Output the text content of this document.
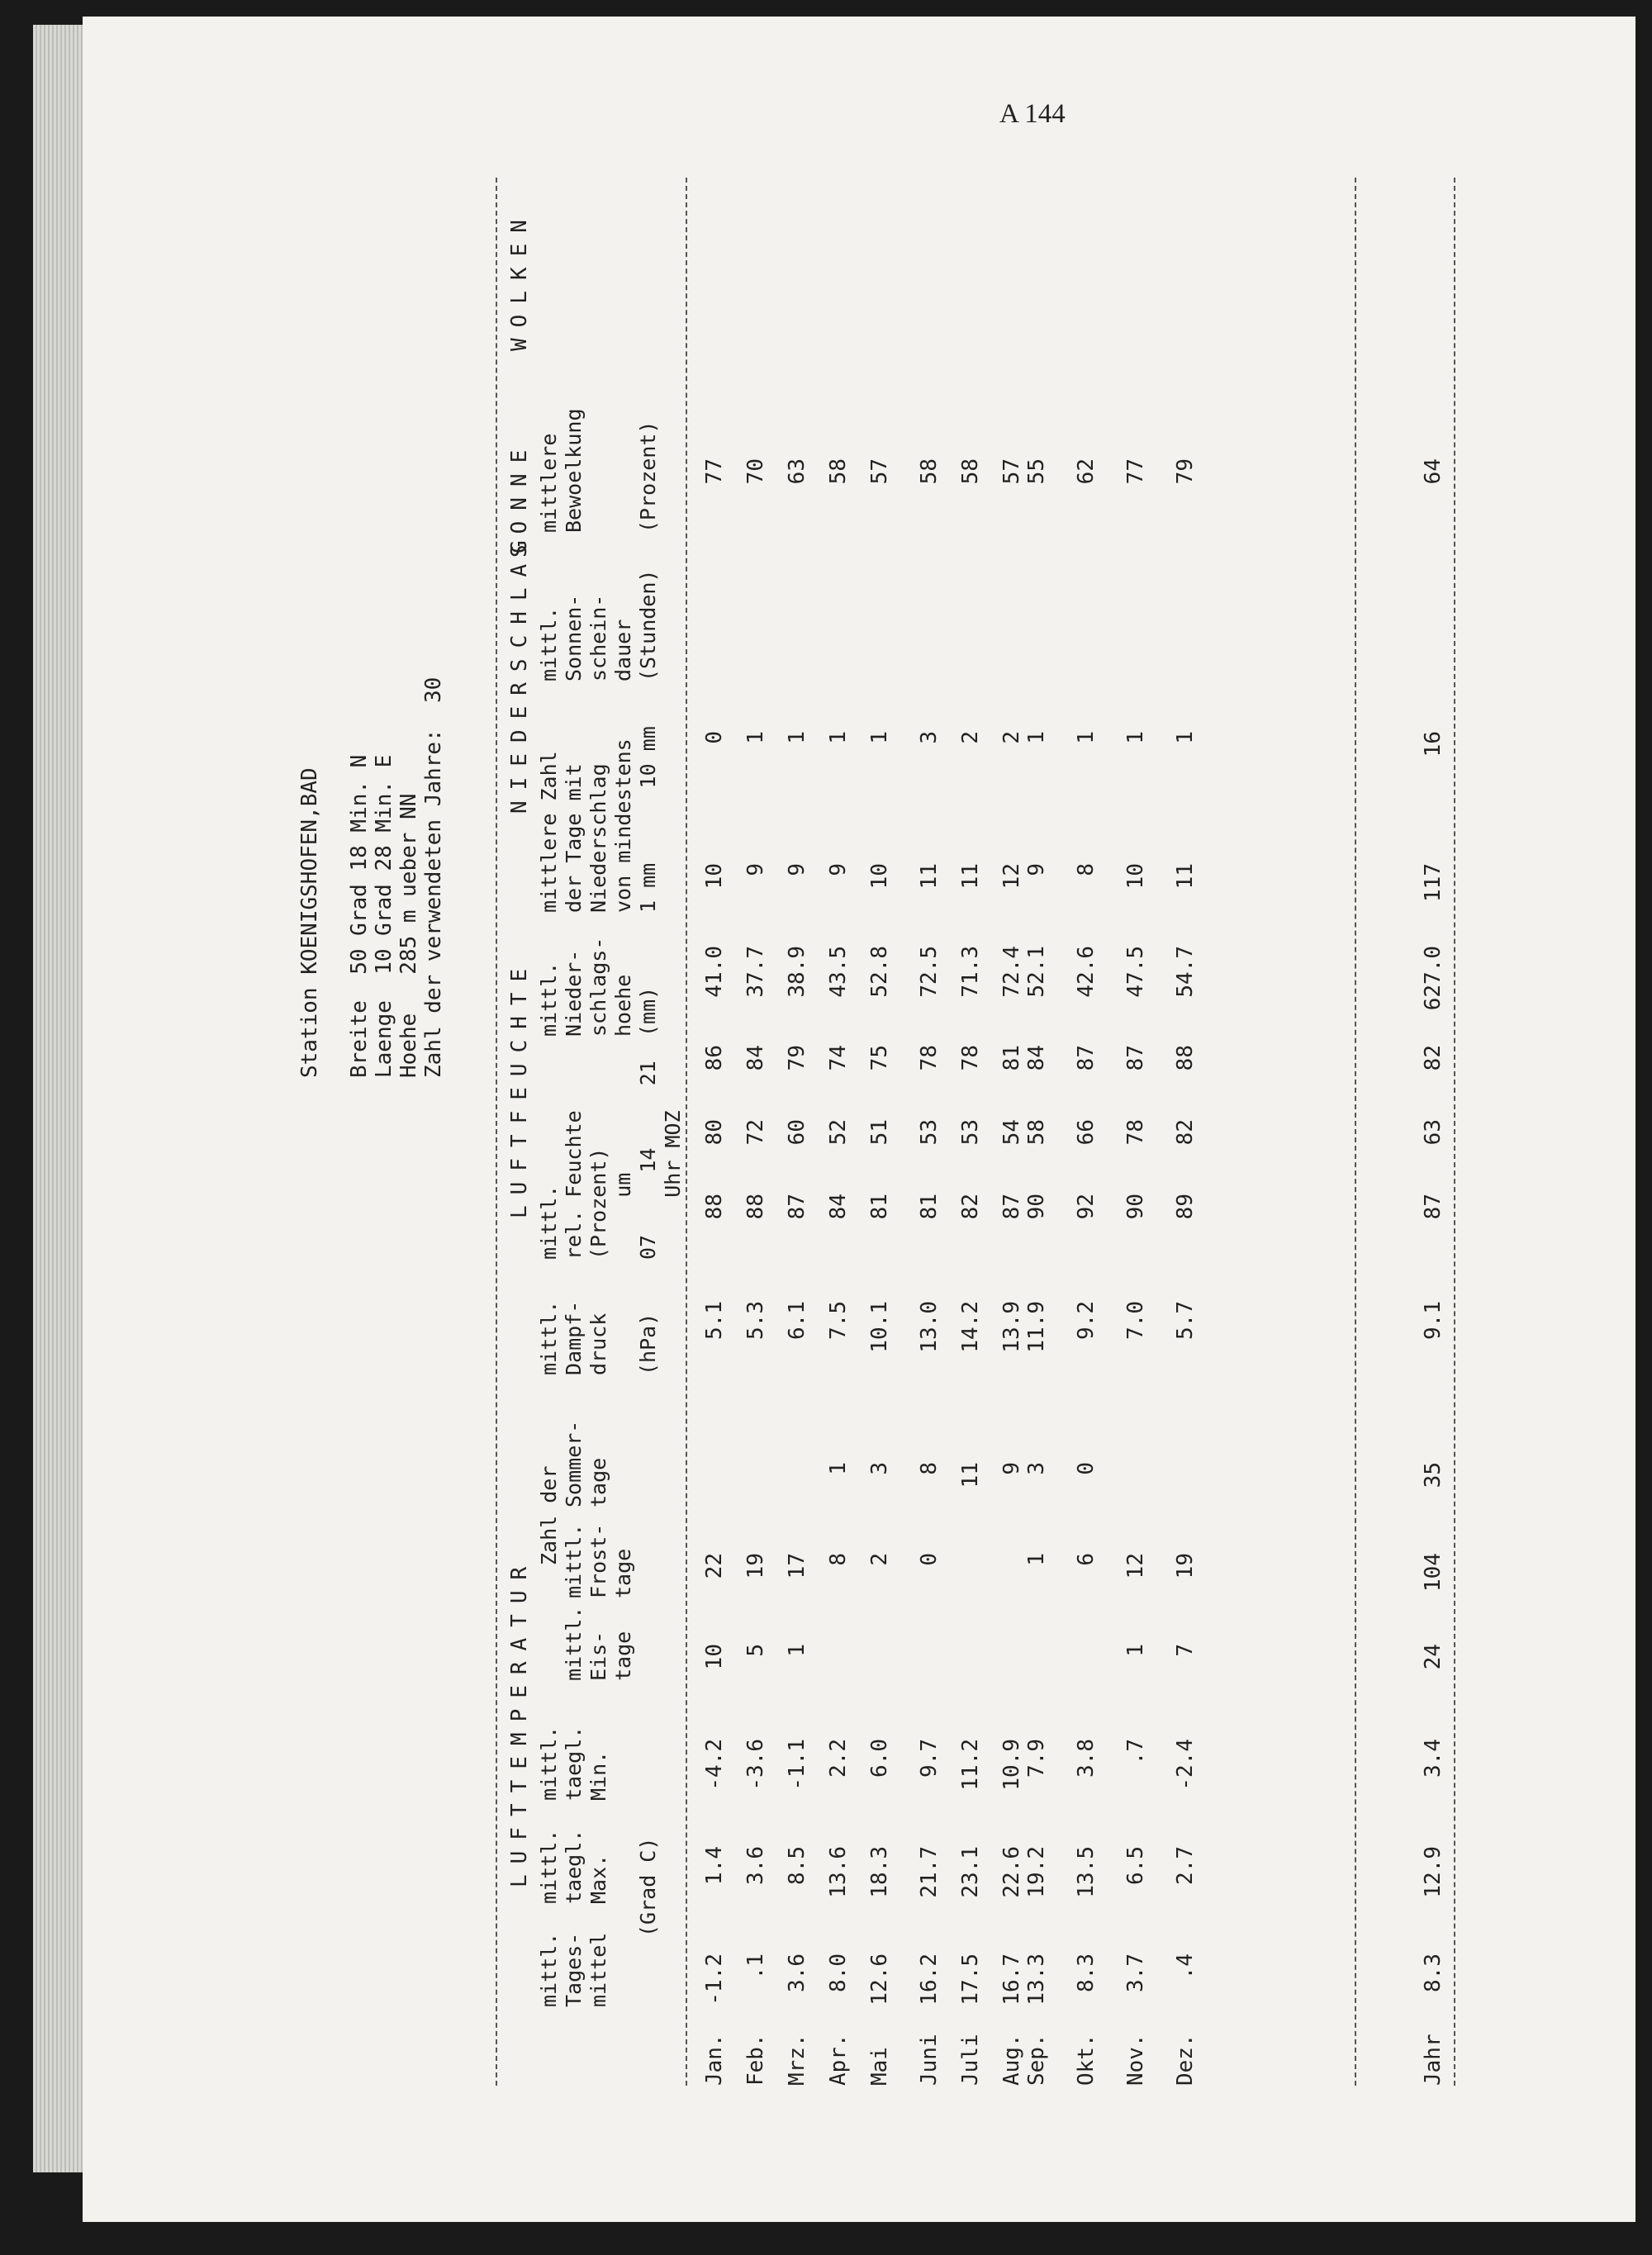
A 144
Station KOENIGSHOFEN,BAD Breite  50 Grad 18 Min. N
Laenge  10 Grad 28 Min. E
Hoehe   285 m ueber NN Zahl der verwendeten Jahre:  30
LUFTTEMPERATUR
LUFTFEUCHTE
NIEDERSCHLAG
SONNE
WOLKEN
mittl.
Tages-
mittel
mittl.
taegl.
Max.
mittl.
taegl.
Min.
Zahl der
mittl.
Eis-
tage
mittl.
Frost-
tage
Sommer-
tage
(Grad C)
mittl.
Dampf-
druck

(hPa)
mittl.
rel. Feuchte
(Prozent)
um
07     14     21
Uhr MOZ
mittl.
Nieder-
schlags-
hoehe
(mm)
mittlere Zahl
der Tage mit
Niederschlag
von mindestens
1 mm      10 mm
mittl.
Sonnen-
schein-
dauer
(Stunden)
mittlere
Bewoelkung

(Prozent)
Jan.
-1.2
1.4
-4.2
10
22
5.1
88
80
86
41.0
10
0
77
Feb.
.1
3.6
-3.6
5
19
5.3
88
72
84
37.7
9
1
70
Mrz.
3.6
8.5
-1.1
1
17
6.1
87
60
79
38.9
9
1
63
Apr.
8.0
13.6
2.2
8
1
7.5
84
52
74
43.5
9
1
58
Mai
12.6
18.3
6.0
2
3
10.1
81
51
75
52.8
10
1
57
Juni
16.2
21.7
9.7
0
8
13.0
81
53
78
72.5
11
3
58
Juli
17.5
23.1
11.2
11
14.2
82
53
78
71.3
11
2
58
Aug.
16.7
22.6
10.9
9
13.9
87
54
81
72.4
12
2
57
Sep.
13.3
19.2
7.9
1
3
11.9
90
58
84
52.1
9
1
55
Okt.
8.3
13.5
3.8
6
0
9.2
92
66
87
42.6
8
1
62
Nov.
3.7
6.5
.7
1
12
7.0
90
78
87
47.5
10
1
77
Dez.
.4
2.7
-2.4
7
19
5.7
89
82
88
54.7
11
1
79
Jahr
8.3
12.9
3.4
24
104
35
9.1
87
63
82
627.0
117
16
64
